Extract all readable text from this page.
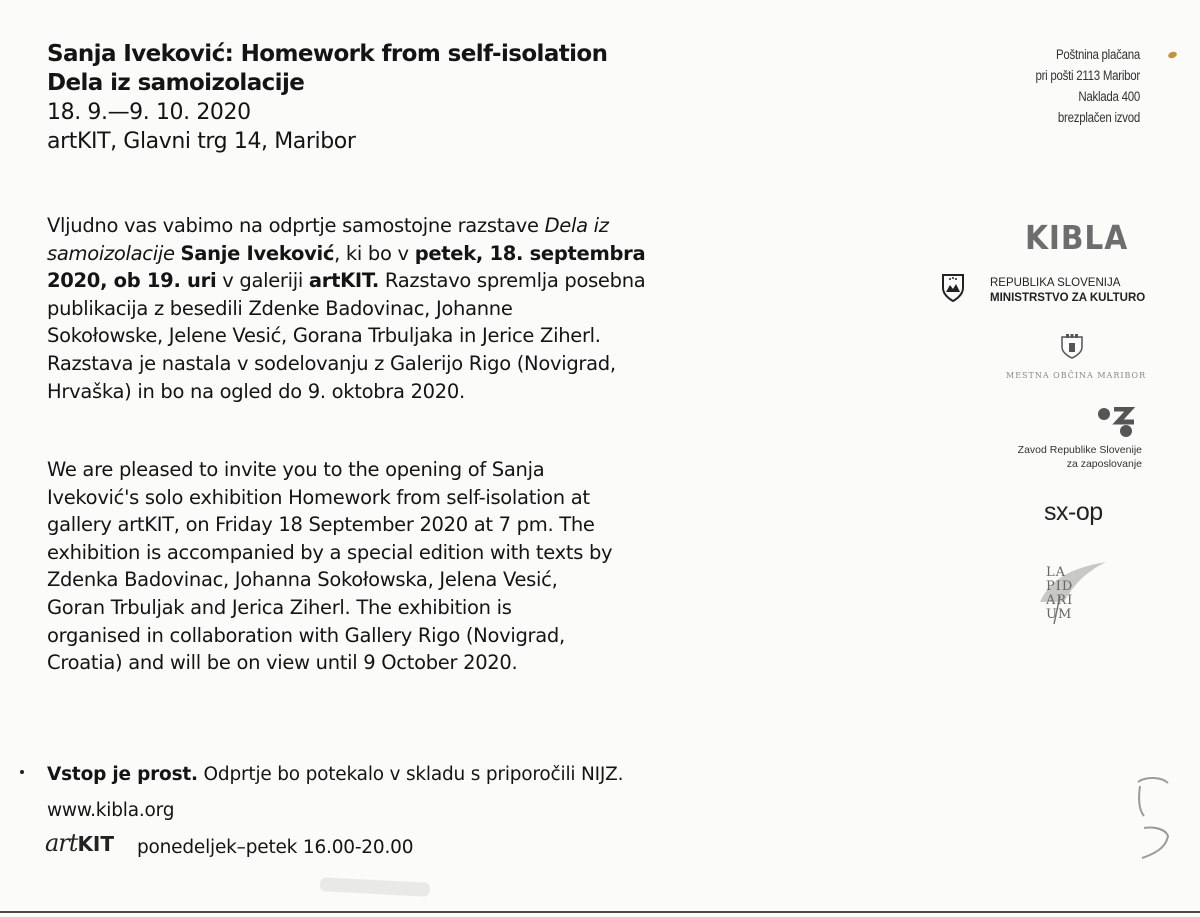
Sanja Iveković: Homework from self-isolation
Dela iz samoizolacije
18. 9.—9. 10. 2020
artKIT, Glavni trg 14, Maribor
Vljudno vas vabimo na odprtje samostojne razstave Dela iz
samoizolacije Sanje Iveković, ki bo v petek, 18. septembra
2020, ob 19. uri v galeriji artKIT. Razstavo spremlja posebna
publikacija z besedili Zdenke Badovinac, Johanne
Sokołowske, Jelene Vesić, Gorana Trbuljaka in Jerice Ziherl.
Razstava je nastala v sodelovanju z Galerijo Rigo (Novigrad,
Hrvaška) in bo na ogled do 9. oktobra 2020.
We are pleased to invite you to the opening of Sanja
Iveković's solo exhibition Homework from self-isolation at
gallery artKIT, on Friday 18 September 2020 at 7 pm. The
exhibition is accompanied by a special edition with texts by
Zdenka Badovinac, Johanna Sokołowska, Jelena Vesić,
Goran Trbuljak and Jerica Ziherl. The exhibition is
organised in collaboration with Gallery Rigo (Novigrad,
Croatia) and will be on view until 9 October 2020.
Vstop je prost. Odprtje bo potekalo v skladu s priporočili NIJZ.
www.kibla.org
artKIT ponedeljek–petek 16.00-20.00
Poštnina plačana
pri pošti 2113 Maribor
Naklada 400
brezplačen izvod
KIBLA
REPUBLIKA SLOVENIJA
MINISTRSTVO ZA KULTURO
MESTNA OBČINA MARIBOR
Zavod Republike Slovenije
za zaposlovanje
sx-op
LA
PID
ARI
UM
